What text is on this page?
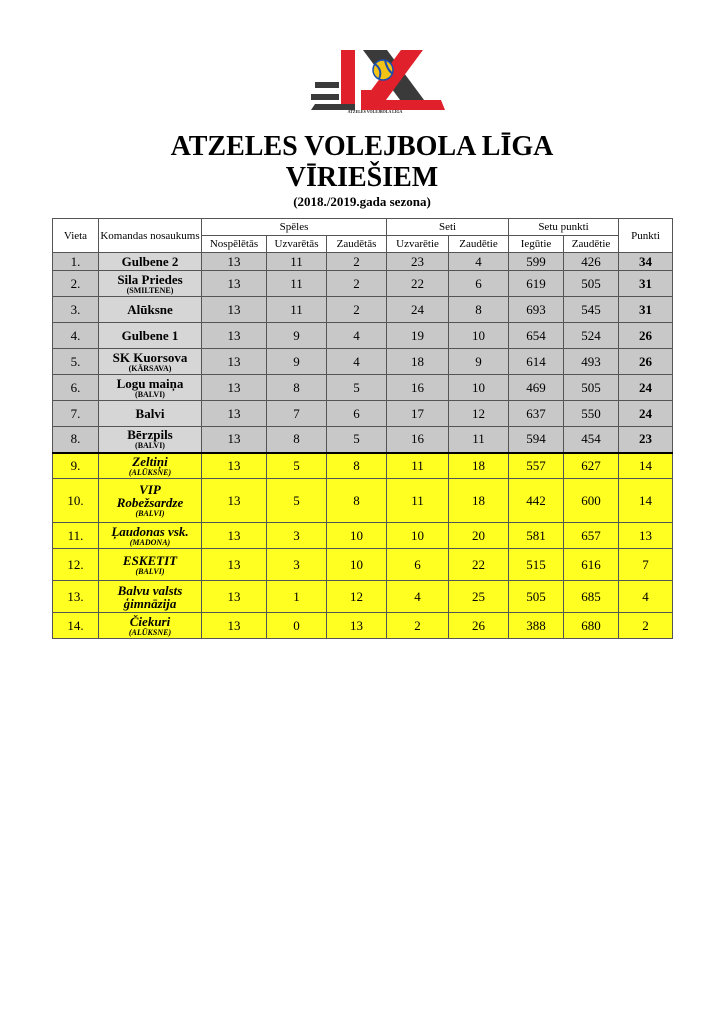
ATZELES VOLEJBOLA LĪGA
ATZELES VOLEJBOLA LĪGA
VĪRIEŠIEM
(2018./2019.gada sezona)
Vieta	Komandas nosaukums	Spēles			Seti		Setu punkti		Punkti
		Nospēlētās	Uzvarētās	Zaudētās	Uzvarētie	Zaudētie	Iegūtie	Zaudētie	
1.	Gulbene 2	13	11	2	23	4	599	426	34
2.	Sila Priedes
(SMILTENE)	13	11	2	22	6	619	505	31
3.	Alūksne	13	11	2	24	8	693	545	31
4.	Gulbene 1	13	9	4	19	10	654	524	26
5.	SK Kuorsova
(KĀRSAVA)	13	9	4	18	9	614	493	26
6.	Logu maiņa
(BALVI)	13	8	5	16	10	469	505	24
7.	Balvi	13	7	6	17	12	637	550	24
8.	Bērzpils
(BALVI)	13	8	5	16	11	594	454	23
9.	Zeltiņi
(ALŪKSNE)	13	5	8	11	18	557	627	14
10.	VIP
Robežsardze
(BALVI)	13	5	8	11	18	442	600	14
11.	Ļaudonas vsk.
(MADONA)	13	3	10	10	20	581	657	13
12.	ESKETIT
(BALVI)	13	3	10	6	22	515	616	7
13.	Balvu valsts
ģimnāzija	13	1	12	4	25	505	685	4
14.	Čiekuri
(ALŪKSNE)	13	0	13	2	26	388	680	2
